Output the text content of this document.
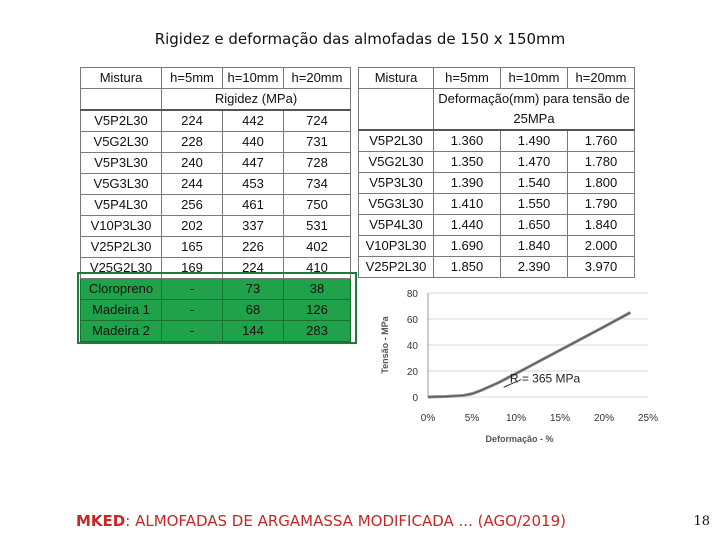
Rigidez e deformação das almofadas de 150 x 150mm
Mistura	h=5mm	h=10mm	h=20mm
	Rigidez (MPa)		
V5P2L30	224	442	724
V5G2L30	228	440	731
V5P3L30	240	447	728
V5G3L30	244	453	734
V5P4L30	256	461	750
V10P3L30	202	337	531
V25P2L30	165	226	402
V25G2L30	169	224	410
Cloropreno	-	73	38
Madeira 1	-	68	126
Madeira 2	-	144	283
Mistura	h=5mm	h=10mm	h=20mm
	Deformação(mm) para tensão de 25MPa		
V5P2L30	1.360	1.490	1.760
V5G2L30	1.350	1.470	1.780
V5P3L30	1.390	1.540	1.800
V5G3L30	1.410	1.550	1.790
V5P4L30	1.440	1.650	1.840
V10P3L30	1.690	1.840	2.000
V25P2L30	1.850	2.390	3.970
0
20
40
60
80
0%	5%	10% 15% 20% 25%
R = 365 MPa
Deformação - %
Tensão - MPa
MKED: ALMOFADAS DE ARGAMASSA MODIFICADA ... (AGO/2019)	18
